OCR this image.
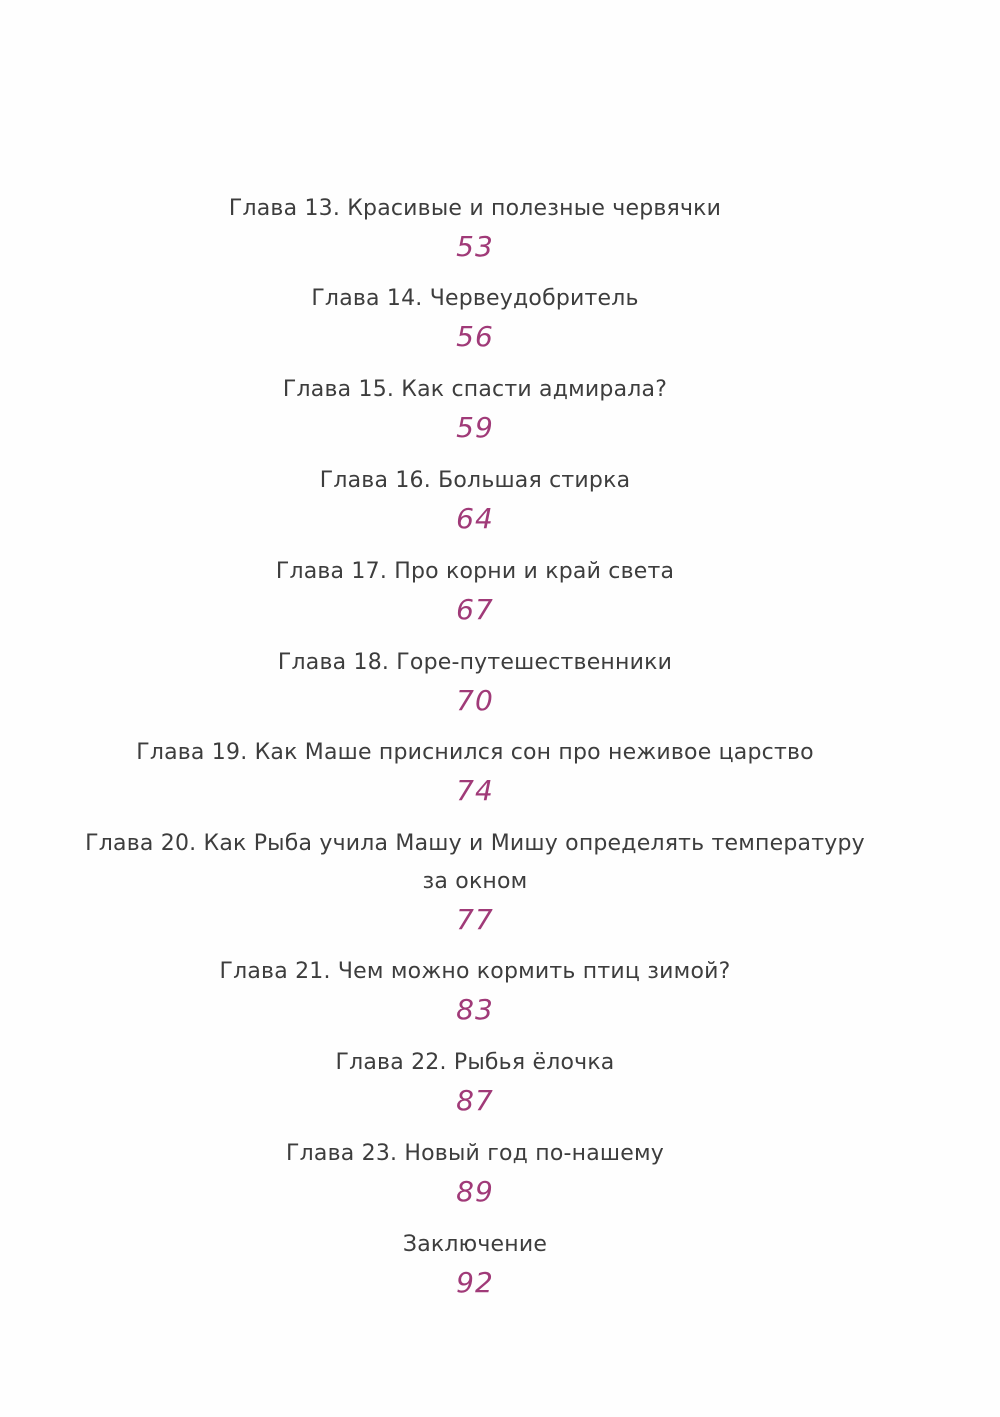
Глава 13. Красивые и полезные червячки
53
Глава 14. Червеудобритель
56
Глава 15. Как спасти адмирала?
59
Глава 16. Большая стирка
64
Глава 17. Про корни и край света
67
Глава 18. Горе-путешественники
70
Глава 19. Как Маше приснился сон про неживое царство
74
Глава 20. Как Рыба учила Машу и Мишу определять температуру
за окном
77
Глава 21. Чем можно кормить птиц зимой?
83
Глава 22. Рыбья ёлочка
87
Глава 23. Новый год по-нашему
89
Заключение
92
